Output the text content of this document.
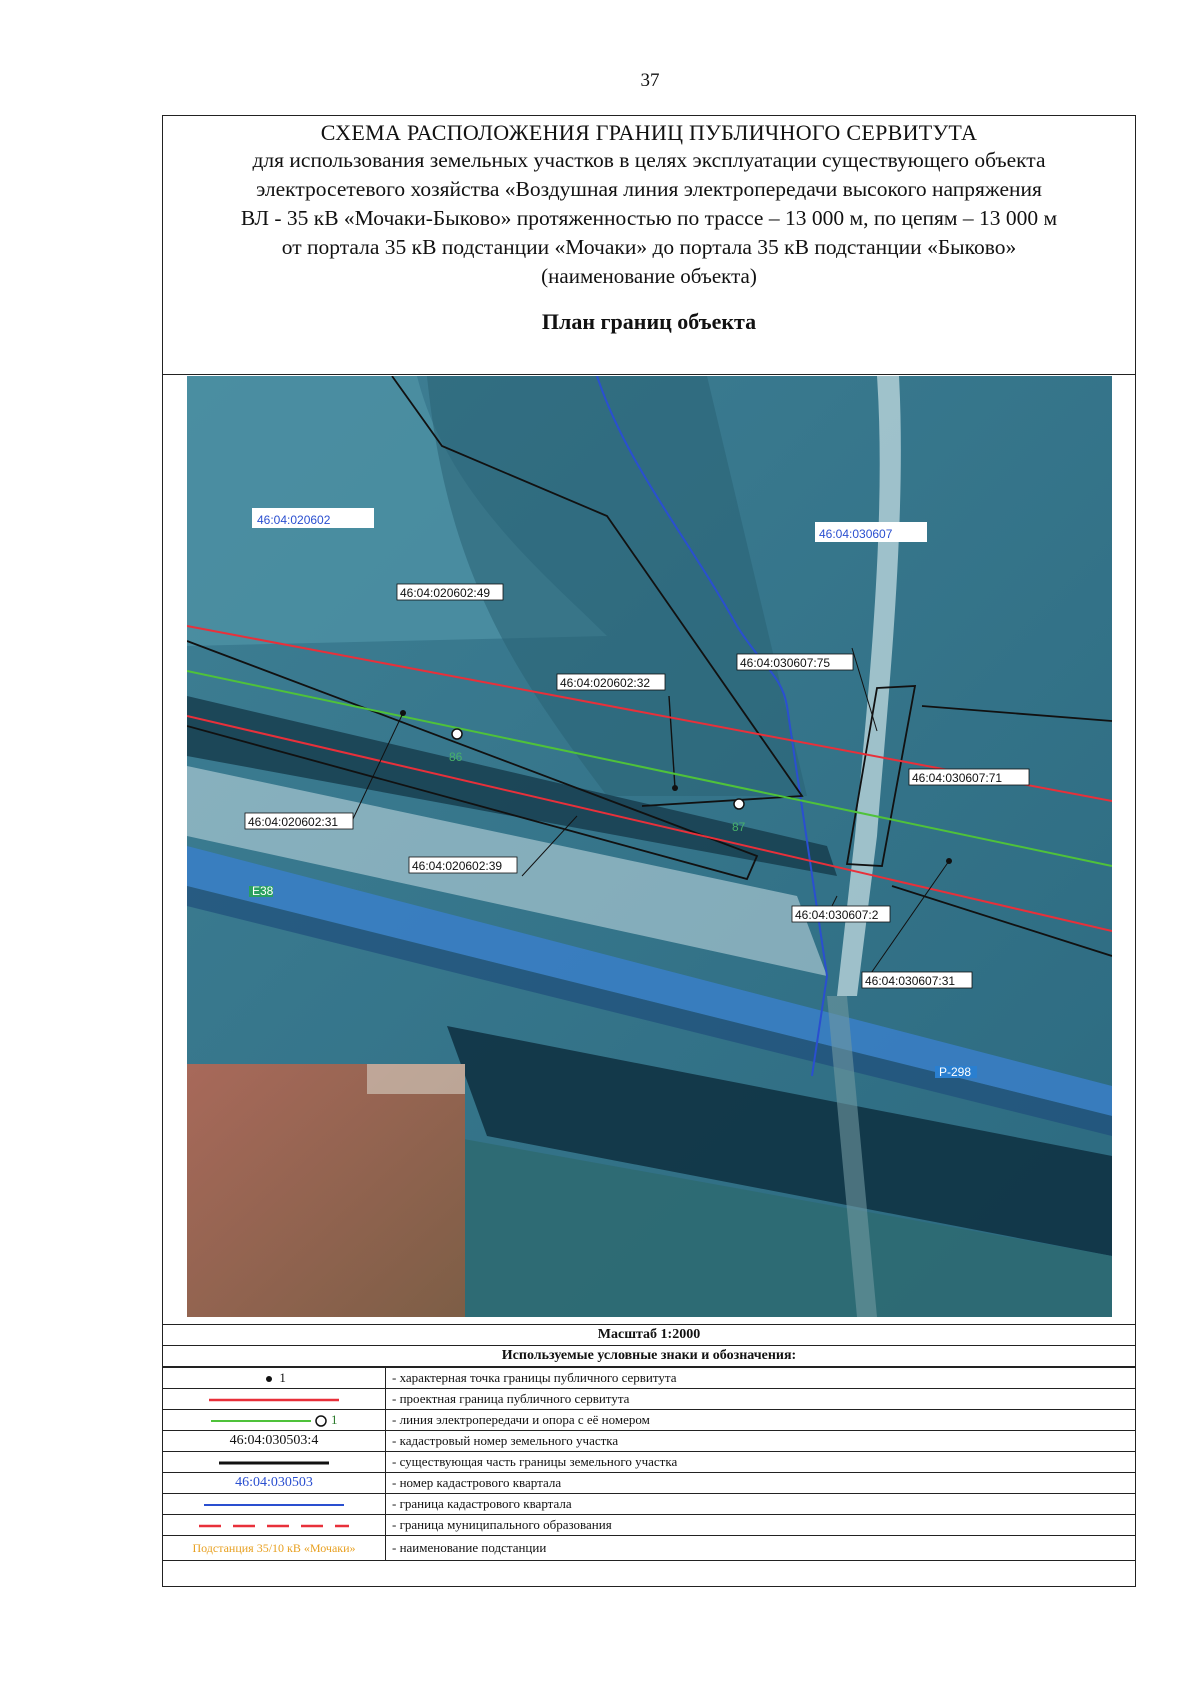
37
СХЕМА РАСПОЛОЖЕНИЯ ГРАНИЦ ПУБЛИЧНОГО СЕРВИТУТА
для использования земельных участков в целях эксплуатации существующего объекта
электросетевого хозяйства «Воздушная линия электропередачи высокого напряжения
ВЛ - 35 кВ «Мочаки-Быково» протяженностью по трассе – 13 000 м, по цепям – 13 000 м
от портала 35 кВ подстанции «Мочаки» до портала 35 кВ подстанции «Быково»
(наименование объекта)
План границ объекта
86
87
46:04:020602
46:04:030607
46:04:020602:49
46:04:030607:75
46:04:020602:32
46:04:030607:71
46:04:020602:31
46:04:020602:39
46:04:030607:2
46:04:030607:31
E38
P-298
Масштаб 1:2000
Используемые условные знаки и обозначения:
1	- характерная точка границы публичного сервитута
	- проектная граница публичного сервитута
1	- линия электропередачи и опора с её номером
46:04:030503:4	- кадастровый номер земельного участка
	- существующая часть границы земельного участка
46:04:030503	- номер кадастрового квартала
	- граница кадастрового квартала
	- граница муниципального образования
Подстанция 35/10 кВ «Мочаки»	- наименование подстанции
